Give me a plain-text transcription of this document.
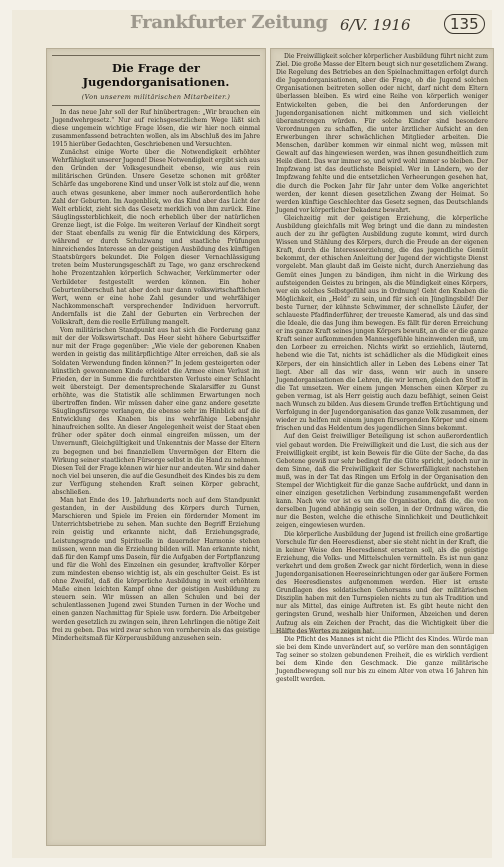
Frankfurter Zeitung 6/V. 1916	135
Die Frage der Jugendorganisationen.
(Von unserem militärischen Mitarbeiter.)

In das neue Jahr soll der Ruf hinübertragen: „Wir brauchen ein Jugendwehrgesetz.“ Nur auf reichsgesetzlichem Wege läßt sich diese ungemein wichtige Frage lösen, die wir hier noch einmal zusammenfassend betrachten wollen, als im Abschluß des im Jahre 1915 hierüber Gedachten, Geschriebenen und Versuchten.

Zunächst einige Worte über die Notwendigkeit erhöhter Wehrfähigkeit unserer Jugend! Diese Notwendigkeit ergibt sich aus den Gründen der Volksgesundheit ebenso, wie aus rein militärischen Gründen. Unsere Gesetze schonen mit größter Schärfe das ungeborene Kind und unser Volk ist stolz auf die, wenn auch etwas gesunkene, aber immer noch außerordentlich hohe Zahl der Geburten. Im Augenblick, wo das Kind aber das Licht der Welt erblickt, zieht sich das Gesetz merklich von ihm zurück. Eine Säuglingssterblichkeit, die noch erheblich über der natürlichen Grenze liegt, ist die Folge. Im weiteren Verlauf der Kindheit sorgt der Staat ebenfalls zu wenig für die Entwicklung des Körpers, während er durch Schulzwang und staatliche Prüfungen hinreichendes Interesse an der geistigen Ausbildung des künftigen Staatsbürgers bekundet. Die Folgen dieser Vernachlässigung treten beim Musterungsgeschäft zu Tage, wo ganz erschreckend hohe Prozentzahlen körperlich Schwacher, Verkümmerter oder Verbildeter festgestellt werden können. Ein hoher Geburtenüberschuß hat aber doch nur dann volkswirtschaftlichen Wert, wenn er eine hohe Zahl gesunder und wehrfähiger Nachkommenschaft versprechender Individuen hervorruft. Andernfalls ist die Zahl der Geburten ein Verbrechen der Volkskraft, dem die reelle Erfüllung mangelt.

Vom militärischen Standpunkt aus hat sich die Forderung ganz mit der der Volkswirtschaft. Das Heer sieht höhere Geburtsziffer nur mit der Frage gegenüber: „Wie viele der geborenen Knaben werden in geistig das militärpflichtige Alter erreichen, daß sie als Soldaten Verwendung finden können?“ In jedem gesteigerten oder künstlich gewonnenen Kinde erleidet die Armee einen Verlust im Frieden, der in Summe die furchtbarsten Verluste einer Schlacht weit übersteigt. Der dementsprechende Skalarsiffer zu Gunst erhöhte, was die Statistik alle schlimmen Erwartungen noch übertroffen finden. Wir müssen daher eine ganz andere gesetzte Säuglingsfürsorge verlangen, die ebenso sehr im Hinblick auf die Entwicklung des Knaben bis ins wehrfähige Lebensjahr hinaufreichen sollte. An dieser Angelegenheit weist der Staat eben früher oder später doch einmal eingreifen müssen, um der Unvernunft, Gleichgültigkeit und Unkenntnis der Masse der Eltern zu begegnen und bei finanziellem Unvermögen der Eltern die Wirkung seiner staatlichen Fürsorge selbst in die Hand zu nehmen. Diesen Teil der Frage können wir hier nur andeuten. Wir sind daher noch viel bei unseren, die auf die Gesundheit des Kindes bis zu dem zur Verfügung stehenden Kraft seinen Körper gebracht, abschließen.

Man hat Ende des 19. Jahrhunderts noch auf dem Standpunkt gestanden, in der Ausbildung des Körpers durch Turnen, Marschieren und Spiele im Freien ein fördernder Moment im Unterrichtsbetriebe zu sehen. Man suchte den Begriff Erziehung rein geistig und erkannte nicht, daß Erziehungsgrade, Leistungsgrade und Spirituelle in dauernder Harmonie stehen müssen, wenn man die Erziehung bilden will. Man erkannte nicht, daß für den Kampf ums Dasein, für die Aufgaben der Fortpflanzung und für die Wohl des Einzelnen ein gesunder, kraftvoller Körper zum mindesten ebenso wichtig ist, als ein geschulter Geist. Es ist ohne Zweifel, daß die körperliche Ausbildung in weit erhöhtem Maße einen leichten Kampf ohne der geistigen Ausbildung zu steuern sein. Wir müssen an allen Schulen und bei der schulentlassenen Jugend zwei Stunden Turnen in der Woche und einen ganzen Nachmittag für Spiele usw. fordern. Die Arbeitgeber werden gesetzlich zu zwingen sein, ihren Lehrlingen die nötige Zeit frei zu geben. Das wird zwar schon von vornherein als das geistige Minderheitsmaß für Körperausbildung anzusehen sein.

Die Freiwilligkeit solcher körperlicher Ausbildung führt nicht zum Ziel. Die große Masse der Eltern beugt sich nur gesetzlichem Zwang. Die Regelung des Betriebes an den Spielnachmittagen erfolgt durch die Jugendorganisationen, aber die Frage, ob die Jugend solchen Organisationen beitreten sollen oder nicht, darf nicht dem Eltern überlassen bleiben. Es wird eine Reihe von körperlich weniger Entwickelten geben, die bei den Anforderungen der Jugendorganisationen nicht mitkommen und sich vielleicht überanstrengen würden. Für solche Kinder sind besondere Verordnungen zu schaffen, die unter ärztlicher Aufsicht an den Erwerbungen ihrer schwächlichen Mitglieder arbeiten. Die Menschen, darüber kommen wir einmal nicht weg, müssen mit Gewalt auf das hingewiesen werden, was ihnen gesundheitlich zum Heile dient. Das war immer so, und wird wohl immer so bleiben. Der Impfzwang ist das deutlichste Beispiel. Wer in Ländern, wo der Impfzwang fehlte und die entsetzlichen Verheerungen gesehen hat, die durch die Pocken Jahr für Jahr unter dem Volke angerichtet werden, der kennt diesen gesetzlichen Zwang der Heimat. So werden künftige Geschlechter das Gesetz segnen, das Deutschlands Jugend vor körperlicher Dekadenz bewahrt.

Gleichzeitig mit der geistigen Erziehung, die körperliche Ausbildung gleichfalls mit Weg bringt und die dann zu mindesten auch der zu ihr gefügten Ausbildung zugute kommt, wird durch Wissen und Stählung des Körpers, durch die Freude an der eigenen Kraft, durch die Interesseerziehung, die das jugendliche Gemüt bekommt, der ethischen Anleitung der Jugend der wichtigste Dienst vorgelebt. Man glaubt daß im Geiste nicht, durch Anerziehung das Gemüt eines Jungen zu bändigen, ihm nicht in die Wirkung des aufsteigenden Geistes zu bringen, als die Mündigkeit eines Körpers, wer ein solches Selbstgefühl aus in Ordnung! Geht den Knaben die Möglichkeit, ein „Held“ zu sein, und für sich ein Jünglingsbild! Der beste Turner, der kühnste Schwimmer, der schnellste Läufer, der schlaueste Pfadfinderführer, der treueste Kamerad, als und das sind die Ideale, die das Jung ihm bewegen. Es fällt für deren Erreichung er ins ganze Kraft seines jungen Körpers bewußt, an die er die ganze Kraft seiner aufkommenden Mannesgefühle hineinwenden muß, um den Lorbeer zu erreichen. Nichts wirkt so erziehlich, läuternd, hebend wie die Tat, nichts ist schädlicher als die Müdigkeit eines Körpers, der ein hinsichtlich aller in Leben des Lebens einer Tat liegt. Aber all das wir dass, wenn wir auch in unsere Jugendorganisationen die Lehren, die wir lernen, gleich den Stoff in die Tat umsetzen. Wer einem jungen Menschen einen Körper zu geben vermag, ist als Herr geistig auch dazu befähigt, seinen Geist nach Wunsch zu bilden. Aus diesem Grunde treffen Ertüchtigung und Verfolgung in der Jugendorganisation das ganze Volk zusammen, der wieder zu helfen mit einem jungen fürsorgenden Körper und einem frischen und das Heldentum des jugendlichen Sinns bekommt.

Auf den Geist freiwilliger Beteiligung ist schon außerordentlich viel gebaut worden. Die Freiwilligkeit und die Lust, die sich aus der Freiwilligkeit ergibt, ist kein Beweis für die Güte der Sache, da das Gebotene gewiß nur sehr bedingt für die Güte spricht, jedoch nur in dem Sinne, daß die Freiwilligkeit der Schwerfälligkeit nachstehen muß, was in der Tat das Ringen um Erfolg in der Organisation den Stempel der Wichtigkeit für die ganze Sache aufdrückt, und dann in einer einzigen gesetzlichen Verbindung zusammengefaßt werden kann. Nach wie vor ist es um die Organisation, daß die, die von derselben Jugend abhängig sein sollen, in der Ordnung wären, die nur die Besten, welche die ethische Sinnlichkeit und Deutlichkeit zeigen, eingewiesen wurden.

Die körperliche Ausbildung der Jugend ist freilich eine großartige Vorschule für den Heeresdienst, aber sie steht nicht in der Kraft, die in keiner Weise den Heeresdienst ersetzen soll, als die geistige Erziehung, die Volks- und Mittelschulen vermitteln. Es ist nun ganz verkehrt und dem großen Zweck gar nicht förderlich, wenn in diese Jugendorganisationen Heereseinrichtungen oder gar äußere Formen des Heeresdienstes aufgenommen werden. Hier ist ernste Grundlagen des soldatischen Gehorsams und der militärischen Disziplin haben mit den Turnspielen nichts zu tun als Tradition und nur als Mittel, das einige Auftreten ist. Es gibt heute nicht den geringsten Grund, weshalb hier Uniformen, Abzeichen und deren Aufzug als ein Zeichen der Pracht, das die Wichtigkeit über die Hälfte des Wertes zu zeigen hat.

Die Pflicht des Mannes ist nicht die Pflicht des Kindes. Würde man sie bei dem Kinde unverändert auf, so verlöre man den sonntägigen Tag seiner so stolzen gebundenen Freiheit, die es wirklich verdient bei dem Kinde den Geschmack. Die ganze militärische Jugendbewegung soll nur bis zu einem Alter von etwa 16 Jahren hin gestellt werden.
